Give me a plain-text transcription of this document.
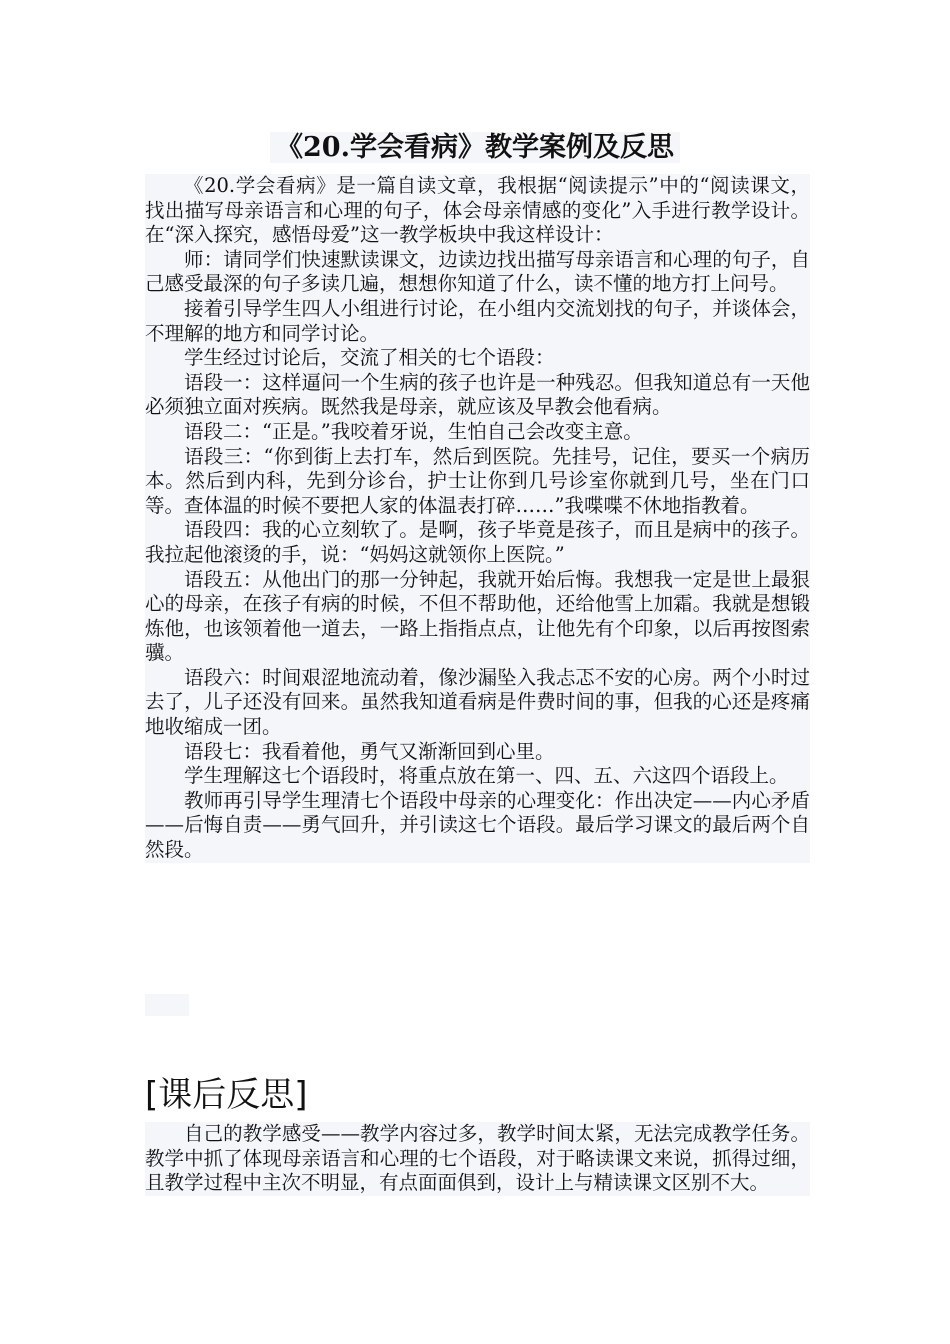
《20.学会看病》教学案例及反思

《20.学会看病》是一篇自读文章，我根据“阅读提示”中的“阅读课文，找出描写母亲语言和心理的句子，体会母亲情感的变化”入手进行教学设计。在“深入探究，感悟母爱”这一教学板块中我这样设计：

师：请同学们快速默读课文，边读边找出描写母亲语言和心理的句子，自己感受最深的句子多读几遍，想想你知道了什么，读不懂的地方打上问号。

接着引导学生四人小组进行讨论，在小组内交流划找的句子，并谈体会，不理解的地方和同学讨论。

学生经过讨论后，交流了相关的七个语段：

语段一：这样逼问一个生病的孩子也许是一种残忍。但我知道总有一天他必须独立面对疾病。既然我是母亲，就应该及早教会他看病。

语段二：“正是。”我咬着牙说，生怕自己会改变主意。

语段三：“你到街上去打车，然后到医院。先挂号，记住，要买一个病历本。然后到内科，先到分诊台，护士让你到几号诊室你就到几号，坐在门口等。查体温的时候不要把人家的体温表打碎……”我喋喋不休地指教着。

语段四：我的心立刻软了。是啊，孩子毕竟是孩子，而且是病中的孩子。我拉起他滚烫的手，说：“妈妈这就领你上医院。”

语段五：从他出门的那一分钟起，我就开始后悔。我想我一定是世上最狠心的母亲，在孩子有病的时候，不但不帮助他，还给他雪上加霜。我就是想锻炼他，也该领着他一道去，一路上指指点点，让他先有个印象，以后再按图索骥。

语段六：时间艰涩地流动着，像沙漏坠入我忐忑不安的心房。两个小时过去了，儿子还没有回来。虽然我知道看病是件费时间的事，但我的心还是疼痛地收缩成一团。

语段七：我看着他，勇气又渐渐回到心里。

学生理解这七个语段时，将重点放在第一、四、五、六这四个语段上。

教师再引导学生理清七个语段中母亲的心理变化：作出决定——内心矛盾——后悔自责——勇气回升，并引读这七个语段。最后学习课文的最后两个自然段。

[课后反思]

自己的教学感受——教学内容过多，教学时间太紧，无法完成教学任务。教学中抓了体现母亲语言和心理的七个语段，对于略读课文来说，抓得过细，且教学过程中主次不明显，有点面面俱到，设计上与精读课文区别不大。
